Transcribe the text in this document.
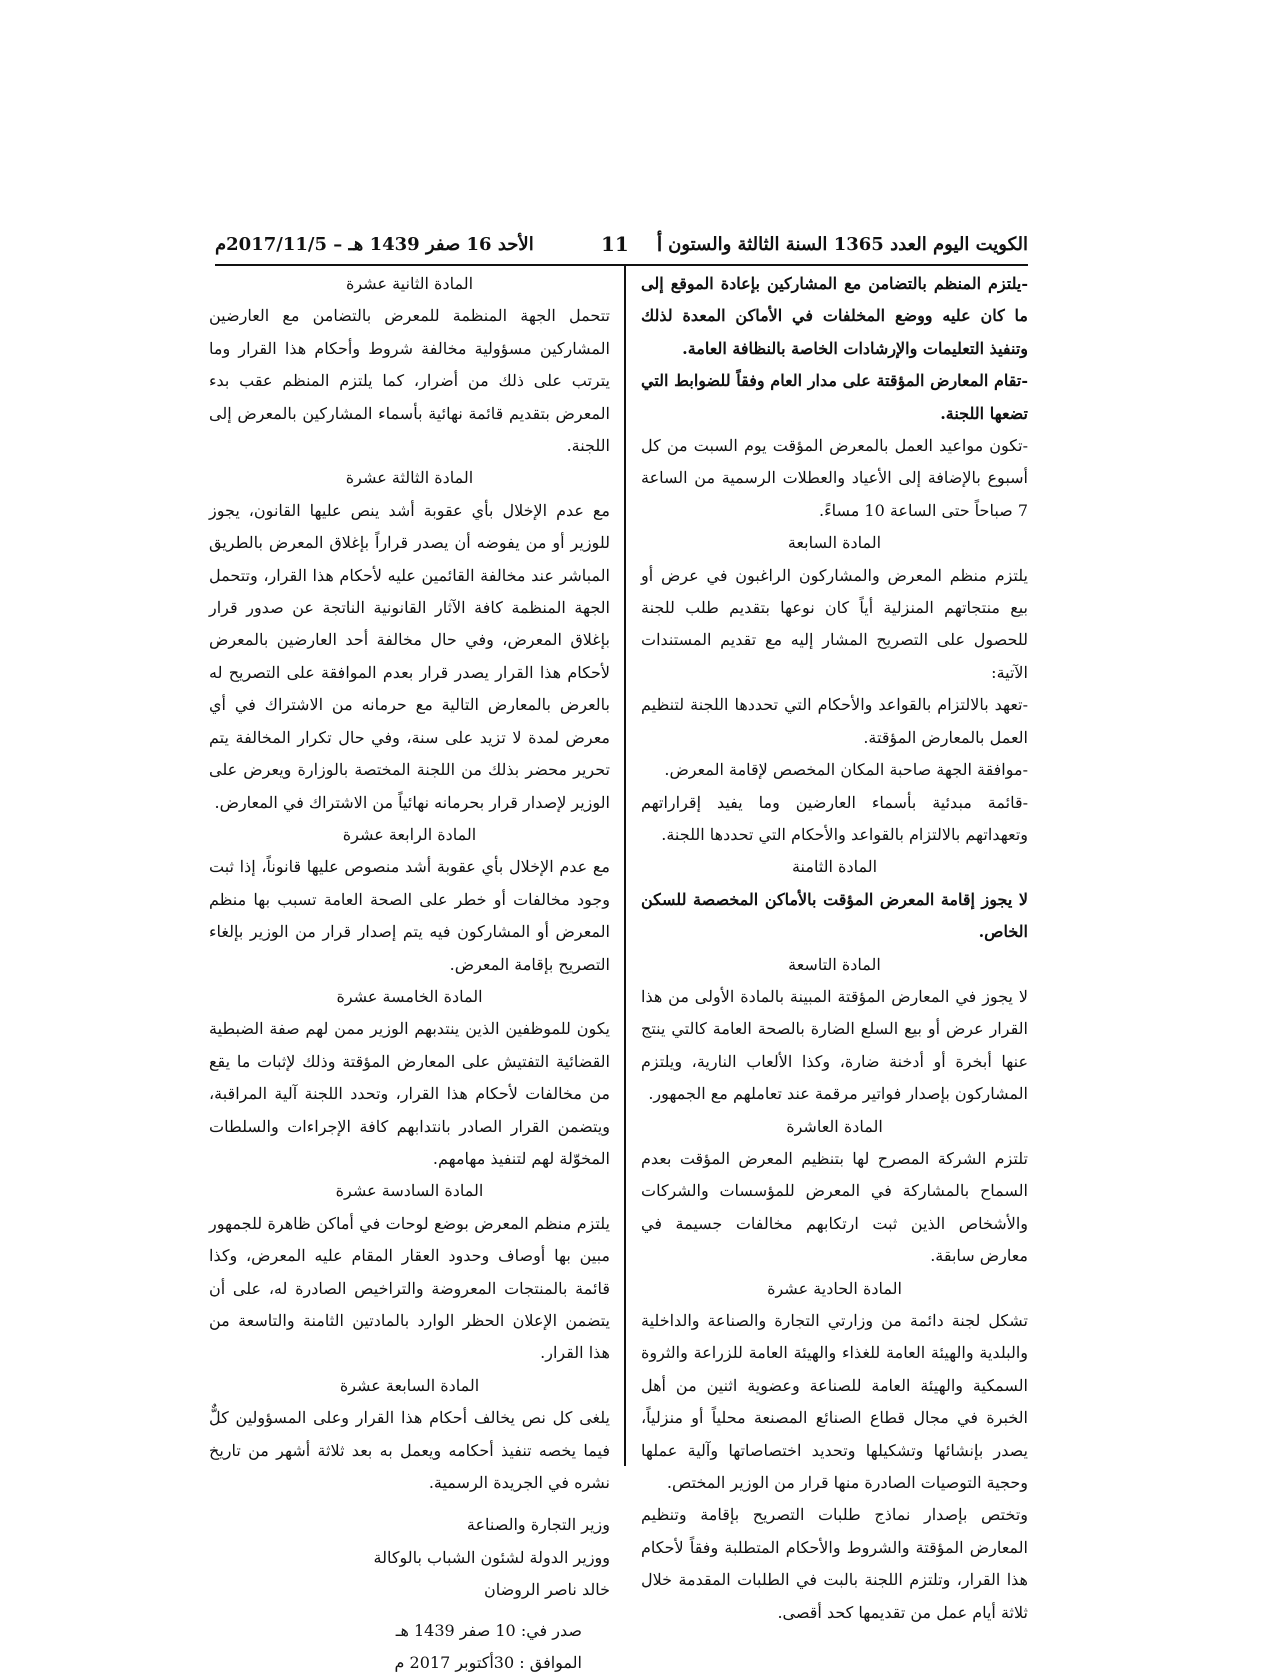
الأحد 16 صفر 1439 هـ – 2017/11/5م	11 أ الكويت اليوم العدد 1365 السنة الثالثة والستون

-يلتزم المنظم بالتضامن مع المشاركين بإعادة الموقع إلى ما كان عليه ووضع المخلفات في الأماكن المعدة لذلك وتنفيذ التعليمات والإرشادات الخاصة بالنظافة العامة.

-تقام المعارض المؤقتة على مدار العام وفقاً للضوابط التي تضعها اللجنة.

-تكون مواعيد العمل بالمعرض المؤقت يوم السبت من كل أسبوع بالإضافة إلى الأعياد والعطلات الرسمية من الساعة 7 صباحاً حتى الساعة 10 مساءً.

المادة السابعة

يلتزم منظم المعرض والمشاركون الراغبون في عرض أو بيع منتجاتهم المنزلية أياً كان نوعها بتقديم طلب للجنة للحصول على التصريح المشار إليه مع تقديم المستندات الآتية:

-تعهد بالالتزام بالقواعد والأحكام التي تحددها اللجنة لتنظيم العمل بالمعارض المؤقتة.

-موافقة الجهة صاحبة المكان المخصص لإقامة المعرض.

-قائمة مبدئية بأسماء العارضين وما يفيد إقراراتهم وتعهداتهم بالالتزام بالقواعد والأحكام التي تحددها اللجنة.

المادة الثامنة

لا يجوز إقامة المعرض المؤقت بالأماكن المخصصة للسكن الخاص.

المادة التاسعة

لا يجوز في المعارض المؤقتة المبينة بالمادة الأولى من هذا القرار عرض أو بيع السلع الضارة بالصحة العامة كالتي ينتج عنها أبخرة أو أدخنة ضارة، وكذا الألعاب النارية، ويلتزم المشاركون بإصدار فواتير مرقمة عند تعاملهم مع الجمهور.

المادة العاشرة

تلتزم الشركة المصرح لها بتنظيم المعرض المؤقت بعدم السماح بالمشاركة في المعرض للمؤسسات والشركات والأشخاص الذين ثبت ارتكابهم مخالفات جسيمة في معارض سابقة.

المادة الحادية عشرة

تشكل لجنة دائمة من وزارتي التجارة والصناعة والداخلية والبلدية والهيئة العامة للغذاء والهيئة العامة للزراعة والثروة السمكية والهيئة العامة للصناعة وعضوية اثنين من أهل الخبرة في مجال قطاع الصنائع المصنعة محلياً أو منزلياً، يصدر بإنشائها وتشكيلها وتحديد اختصاصاتها وآلية عملها وحجية التوصيات الصادرة منها قرار من الوزير المختص.

وتختص بإصدار نماذج طلبات التصريح بإقامة وتنظيم المعارض المؤقتة والشروط والأحكام المتطلبة وفقاً لأحكام هذا القرار، وتلتزم اللجنة بالبت في الطلبات المقدمة خلال ثلاثة أيام عمل من تقديمها كحد أقصى.

المادة الثانية عشرة

تتحمل الجهة المنظمة للمعرض بالتضامن مع العارضين المشاركين مسؤولية مخالفة شروط وأحكام هذا القرار وما يترتب على ذلك من أضرار، كما يلتزم المنظم عقب بدء المعرض بتقديم قائمة نهائية بأسماء المشاركين بالمعرض إلى اللجنة.

المادة الثالثة عشرة

مع عدم الإخلال بأي عقوبة أشد ينص عليها القانون، يجوز للوزير أو من يفوضه أن يصدر قراراً بإغلاق المعرض بالطريق المباشر عند مخالفة القائمين عليه لأحكام هذا القرار، وتتحمل الجهة المنظمة كافة الآثار القانونية الناتجة عن صدور قرار بإغلاق المعرض، وفي حال مخالفة أحد العارضين بالمعرض لأحكام هذا القرار يصدر قرار بعدم الموافقة على التصريح له بالعرض بالمعارض التالية مع حرمانه من الاشتراك في أي معرض لمدة لا تزيد على سنة، وفي حال تكرار المخالفة يتم تحرير محضر بذلك من اللجنة المختصة بالوزارة ويعرض على الوزير لإصدار قرار بحرمانه نهائياً من الاشتراك في المعارض.

المادة الرابعة عشرة

مع عدم الإخلال بأي عقوبة أشد منصوص عليها قانوناً، إذا ثبت وجود مخالفات أو خطر على الصحة العامة تسبب بها منظم المعرض أو المشاركون فيه يتم إصدار قرار من الوزير بإلغاء التصريح بإقامة المعرض.

المادة الخامسة عشرة

يكون للموظفين الذين ينتدبهم الوزير ممن لهم صفة الضبطية القضائية التفتيش على المعارض المؤقتة وذلك لإثبات ما يقع من مخالفات لأحكام هذا القرار، وتحدد اللجنة آلية المراقبة، ويتضمن القرار الصادر بانتدابهم كافة الإجراءات والسلطات المخوّلة لهم لتنفيذ مهامهم.

المادة السادسة عشرة

يلتزم منظم المعرض بوضع لوحات في أماكن ظاهرة للجمهور مبين بها أوصاف وحدود العقار المقام عليه المعرض، وكذا قائمة بالمنتجات المعروضة والتراخيص الصادرة له، على أن يتضمن الإعلان الحظر الوارد بالمادتين الثامنة والتاسعة من هذا القرار.

المادة السابعة عشرة

يلغى كل نص يخالف أحكام هذا القرار وعلى المسؤولين كلٌّ فيما يخصه تنفيذ أحكامه ويعمل به بعد ثلاثة أشهر من تاريخ نشره في الجريدة الرسمية.

وزير التجارة والصناعة

ووزير الدولة لشئون الشباب بالوكالة

خالد ناصر الروضان

صدر في: 10 صفر 1439 هـ

الموافق : 30أكتوبر 2017 م
